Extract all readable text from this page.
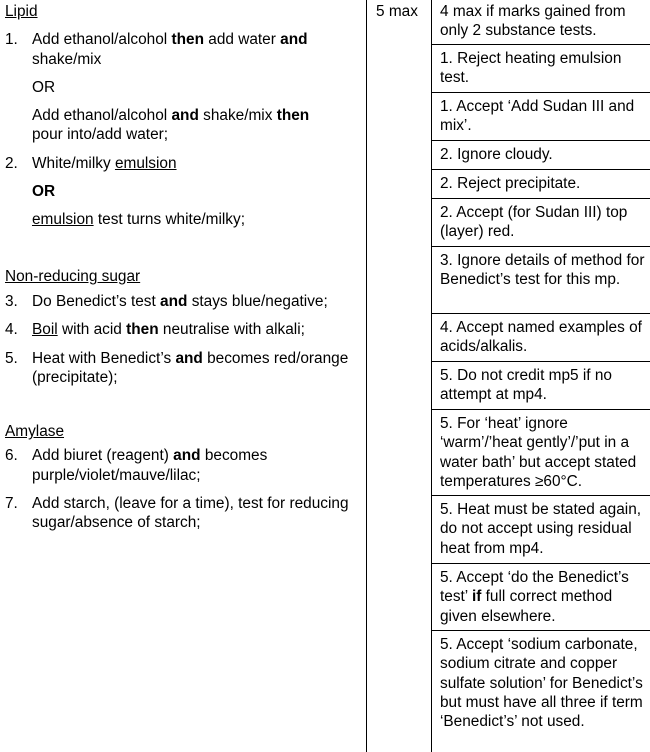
Lipid

1. Add ethanol/alcohol then add water and
shake/mix

OR

Add ethanol/alcohol and shake/mix then
pour into/add water;

2. White/milky emulsion

OR

emulsion test turns white/milky;

Non-reducing sugar

3. Do Benedict’s test and stays blue/negative;
4. Boil with acid then neutralise with alkali;
5. Heat with Benedict’s and becomes red/orange (precipitate);

Amylase

6. Add biuret (reagent) and becomes purple/violet/mauve/lilac;
7. Add starch, (leave for a time), test for reducing sugar/absence of starch;
5 max	4 max if marks gained from only 2 substance tests.
1. Reject heating emulsion test.
1. Accept ‘Add Sudan III and mix’.
2. Ignore cloudy.
2. Reject precipitate.
2. Accept (for Sudan III) top (layer) red.
3. Ignore details of method for Benedict’s test for this mp.
4. Accept named examples of acids/alkalis.
5. Do not credit mp5 if no attempt at mp4.
5. For ‘heat’ ignore ‘warm’/’heat gently’/’put in a water bath’ but accept stated temperatures ≥60°C.
5. Heat must be stated again, do not accept using residual heat from mp4.
5. Accept ‘do the Benedict’s test’ if full correct method given elsewhere.
5. Accept ‘sodium carbonate, sodium citrate and copper sulfate solution’ for Benedict’s but must have all three if term ‘Benedict’s’ not used.
